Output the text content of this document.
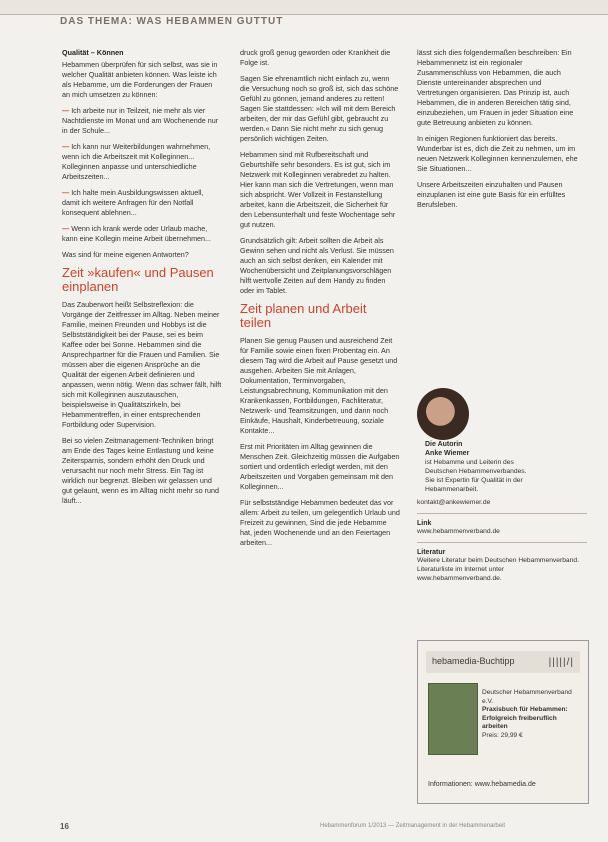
DAS THEMA: WAS HEBAMMEN GUTTUT
Qualität – Können

Hebammen überprüfen für sich selbst, was sie in welcher Qualität anbieten können. Was leiste ich als Hebamme, um die Forderungen der Frauen an mich umsetzen zu können:

— Ich arbeite nur in Teilzeit, nie mehr als vier Nachtdienste im Monat und am Wochenende nur in der Schule...

— Ich kann nur Weiterbildungen wahrnehmen, wenn ich die Arbeitszeit mit Kolleginnen... Kolleginnen anpasse und unterschiedliche Arbeitszeiten...

— Ich halte mein Ausbildungswissen aktuell, damit ich weitere Anfragen für den Notfall konsequent ablehnen...

— Wenn ich krank werde oder Urlaub mache, kann eine Kollegin meine Arbeit übernehmen...

Was sind für meine eigenen Antworten?

Zeit »kaufen« und Pausen einplanen

Das Zauberwort heißt Selbstreflexion: die Vorgänge der Zeitfresser im Alltag. Neben meiner Familie, meinen Freunden und Hobbys ist die Selbstständigkeit bei der Pause, sei es beim Kaffee oder bei Sonne. Hebammen sind die Ansprechpartner für die Frauen und Familien. Sie müssen aber die eigenen Ansprüche an die Qualität der eigenen Arbeit definieren und anpassen, wenn nötig. Wenn das schwer fällt, hilft sich mit Kolleginnen auszutauschen, beispielsweise in Qualitätszirkeln, bei Hebammentreffen, in einer entsprechenden Fortbildung oder Supervision.

Bei so vielen Zeitmanagement-Techniken bringt am Ende des Tages keine Entlastung und keine Zeitersparnis, sondern erhöht den Druck und verursacht nur noch mehr Stress. Ein Tag ist wirklich nur begrenzt. Bleiben wir gelassen und gut gelaunt, wenn es im Alltag nicht mehr so rund läuft...

druck groß genug geworden oder Krankheit die Folge ist.

Sagen Sie ehrenamtlich nicht einfach zu, wenn die Versuchung noch so groß ist, sich das schöne Gefühl zu gönnen, jemand anderes zu retten! Sagen Sie stattdessen: »Ich will mit dem Bereich arbeiten, der mir das Gefühl gibt, gebraucht zu werden.« Dann Sie nicht mehr zu sich genug persönlich wichtigen Zeiten.

Hebammen sind mit Rufbereitschaft und Geburtshilfe sehr besonders. Es ist gut, sich im Netzwerk mit Kolleginnen verabredet zu halten. Hier kann man sich die Vertretungen, wenn man sich abspricht. Wer Vollzeit in Festanstellung arbeitet, kann die Arbeitszeit, die Sicherheit für den Lebensunterhalt und feste Wochentage sehr gut nutzen.

Grundsätzlich gilt: Arbeit sollten die Arbeit als Gewinn sehen und nicht als Verlust. Sie müssen auch an sich selbst denken, ein Kalender mit Wochenübersicht und Zeitplanungsvorschlägen hilft wertvolle Zeiten auf dem Handy zu finden oder im Tablet.

Zeit planen und Arbeit teilen

Planen Sie genug Pausen und ausreichend Zeit für Familie sowie einen fixen Probentag ein. An diesem Tag wird die Arbeit auf Pause gesetzt und ausgehen. Arbeiten Sie mit Anlagen, Dokumentation, Terminvorgaben, Leistungsabrechnung, Kommunikation mit den Krankenkassen, Fortbildungen, Fachliteratur, Netzwerk- und Teamsitzungen, und dann noch Einkäufe, Haushalt, Kinderbetreuung, soziale Kontakte...

Erst mit Prioritäten im Alltag gewinnen die Menschen Zeit. Gleichzeitig müssen die Aufgaben sortiert und ordentlich erledigt werden, mit den Arbeitszeiten und Vorgaben gemeinsam mit den Kolleginnen...

Für selbstständige Hebammen bedeutet das vor allem: Arbeit zu teilen, um gelegentlich Urlaub und Freizeit zu gewinnen, Sind die jede Hebamme hat, jeden Wochenende und an den Feiertagen arbeiten...

lässt sich dies folgendermaßen beschreiben: Ein Hebammennetz ist ein regionaler Zusammenschluss von Hebammen, die auch Dienste untereinander absprechen und Vertretungen organisieren. Das Prinzip ist, auch Hebammen, die in anderen Bereichen tätig sind, einzubeziehen, um Frauen in jeder Situation eine gute Betreuung anbieten zu können.

In einigen Regionen funktioniert das bereits. Wunderbar ist es, dich die Zeit zu nehmen, um im neuen Netzwerk Kolleginnen kennenzulernen, ehe Sie Situationen...

Unsere Arbeitszeiten einzuhalten und Pausen einzuplanen ist eine gute Basis für ein erfülltes Berufsleben.

Die Autorin
Anke Wiemer
ist Hebamme und Leiterin des Deutschen Hebammenverbandes. Sie ist Expertin für Qualität in der Hebammenarbeit.
kontakt@ankewiemer.de
Link
www.hebammenverband.de
Literatur
Weitere Literatur beim Deutschen Hebammenverband. Literaturliste im Internet unter www.hebammenverband.de.
hebamedia-Buchtipp	|||||/|
Deutscher Hebammenverband e.V.
Praxisbuch für Hebammen: Erfolgreich freiberuflich arbeiten
Preis: 29,99 €
Informationen: www.hebamedia.de
16	Hebammenforum 1/2013 — Zeitmanagement in der Hebammenarbeit
